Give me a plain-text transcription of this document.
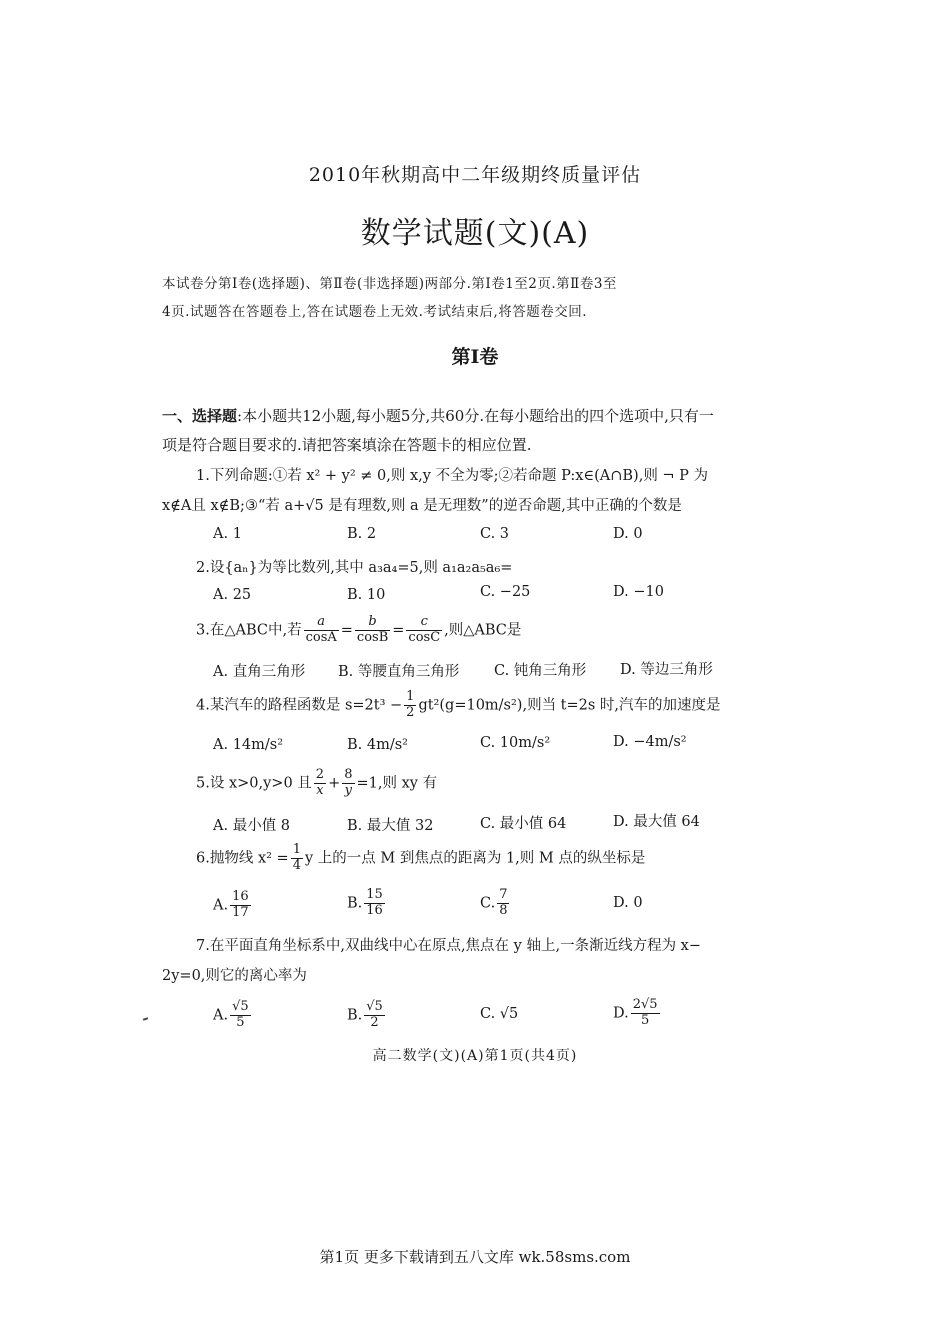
2010年秋期高中二年级期终质量评估
数学试题(文)(A)
本试卷分第Ⅰ卷(选择题)、第Ⅱ卷(非选择题)两部分.第Ⅰ卷1至2页.第Ⅱ卷3至
4页.试题答在答题卷上,答在试题卷上无效.考试结束后,将答题卷交回.
第Ⅰ卷
一、选择题:本小题共12小题,每小题5分,共60分.在每小题给出的四个选项中,只有一
项是符合题目要求的.请把答案填涂在答题卡的相应位置.
1.下列命题:①若 x² + y² ≠ 0,则 x,y 不全为零;②若命题 P:x∈(A∩B),则 ¬ P 为
x∉A且 x∉B;③“若 a+√5 是有理数,则 a 是无理数”的逆否命题,其中正确的个数是
A. 1	B. 2	C. 3	D. 0
2.设{aₙ}为等比数列,其中 a₃a₄=5,则 a₁a₂a₅a₆=
A. 25	B. 10	C. −25	D. −10
3.在△ABC中,若 $\frac{a}{\cos A} = \frac{b}{\cos B} = \frac{c}{\cos C}$ ,则△ABC是
A. 直角三角形 B. 等腰直角三角形 C. 钝角三角形 D. 等边三角形
4.某汽车的路程函数是 $s=2t^3 - \frac{1}{2} gt^2(g=10m/s^2)$,则当 t=2s 时,汽车的加速度是
A. 14m/s²	B. 4m/s²	C. 10m/s²	D. −4m/s²
5.设 x>0,y>0 且 $\frac{2}{x} + \frac{8}{y} =1$,则 xy 有
A. 最小值 8	B. 最大值 32	C. 最小值 64	D. 最大值 64
6.抛物线 $x^2 = \frac{1}{4}$ y 上的一点 M 到焦点的距离为 1,则 M 点的纵坐标是
A. $\frac{16}{17}$	B. $\frac{15}{16}$	C. $\frac{7}{8}$	D. 0
7.在平面直角坐标系中,双曲线中心在原点,焦点在 y 轴上,一条渐近线方程为 x−
2y=0,则它的离心率为
A. $\frac{√5}{5}$	B. $\frac{√5}{2}$	C. √5	D. $\frac{2√5}{5}$
高二数学(文)(A)第1页(共4页)
第1页 更多下载请到五八文库 wk.58sms.com
